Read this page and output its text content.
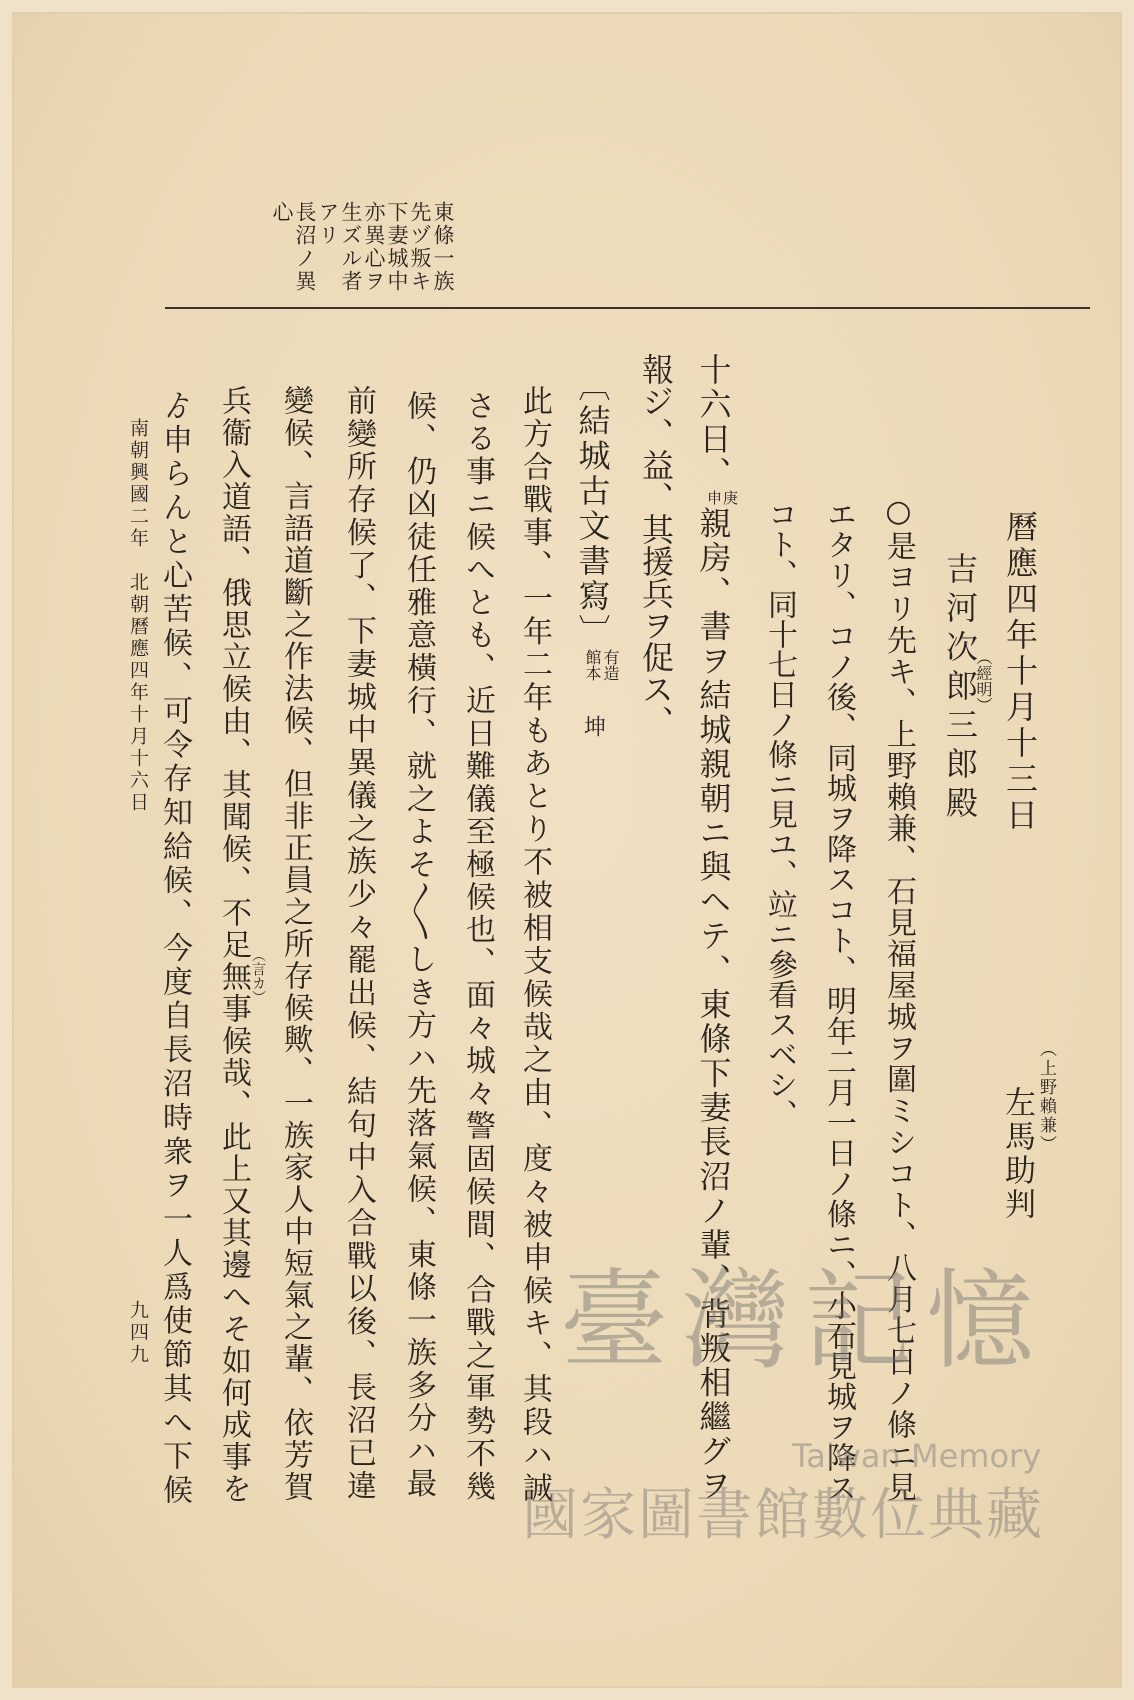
東條一族先ヅ叛キ
下妻城中亦異心ヲ生ズル者アリ
長沼ノ異心
曆應四年十月十三日
（上野賴兼）
左馬助判
吉河次郎三郎殿
（經明）
○是ヨリ先キ、上野賴兼、石見福屋城ヲ圍ミシコト、八月七日ノ條ニ見
エタリ、コノ後、同城ヲ降スコト、明年二月一日ノ條ニ、小石見城ヲ降ス
コト、同十七日ノ條ニ見ユ、竝ニ參看スベシ、
十六日、庚申親房、書ヲ結城親朝ニ與ヘテ、東條下妻長沼ノ輩、背叛相繼グヲ
報ジ、益、其援兵ヲ促ス、
〔結城古文書寫〕有造館本坤
此方合戰事、一年二年もあとり不被相支候哉之由、度々被申候キ、其段ハ誠
さる事ニ候へとも、近日難儀至極候也、面々城々警固候間、合戰之軍勢不幾
候、仍凶徒任雅意橫行、就之よそ〳〵しき方ハ先落氣候、東條一族多分ハ最
前變所存候了、下妻城中異儀之族少々罷出候、結句中入合戰以後、長沼已違
變候、言語道斷之作法候、但非正員之所存候歟、一族家人中短氣之輩、依芳賀
（言カ）
兵衞入道語、俄思立候由、其聞候、不足無事候哉、此上又其邊へそ如何成事を
ゟ申らんと心苦候、可令存知給候、今度自長沼時衆ヲ一人爲使節其へ下候
南朝興國二年　北朝曆應四年十月十六日
九四九	臺灣記憶
Taiwan Memory
國家圖書館數位典藏
